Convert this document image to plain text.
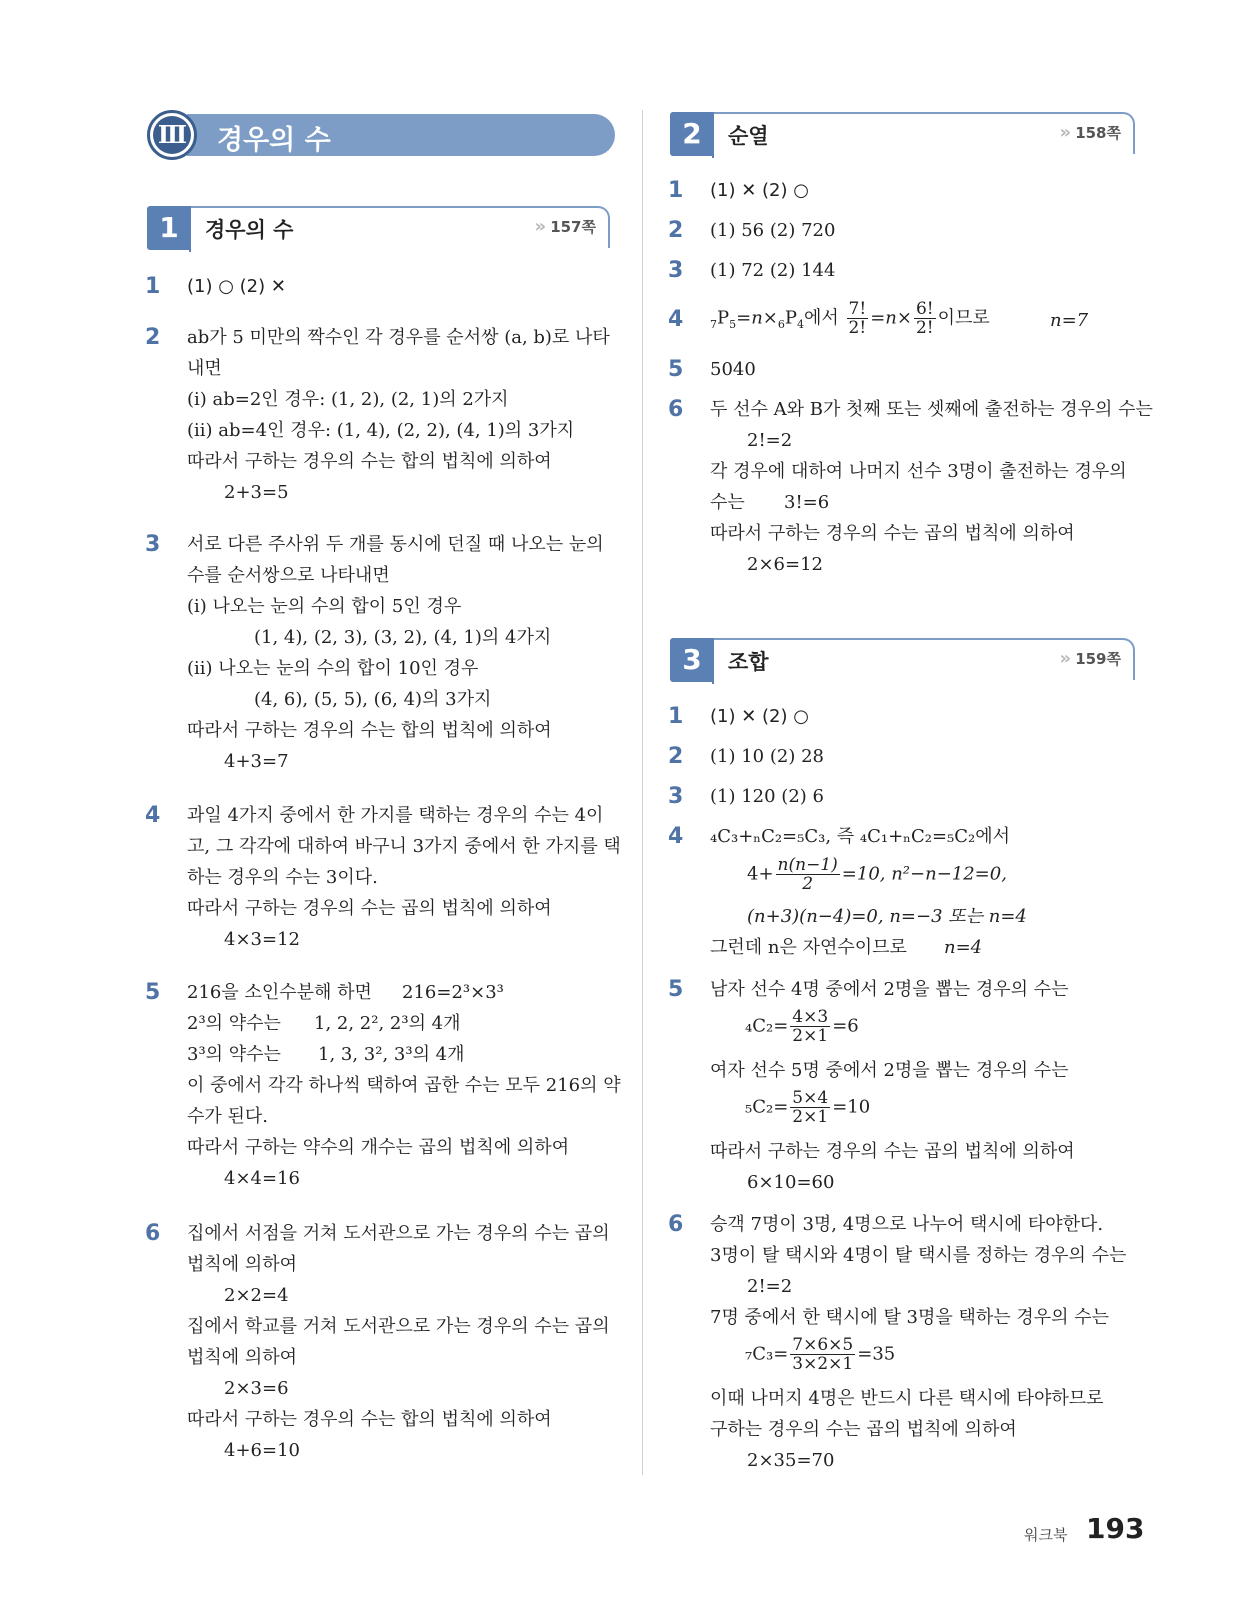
Ⅲ 경우의 수
1	경우의 수	» 157쪽
1 (1) ○ (2) ✕
2 ab가 5 미만의 짝수인 각 경우를 순서쌍 (a, b)로 나타
내면
(i) ab=2인 경우: (1, 2), (2, 1)의 2가지
(ii) ab=4인 경우: (1, 4), (2, 2), (4, 1)의 3가지
따라서 구하는 경우의 수는 합의 법칙에 의하여
2+3=5
3 서로 다른 주사위 두 개를 동시에 던질 때 나오는 눈의
수를 순서쌍으로 나타내면
(i) 나오는 눈의 수의 합이 5인 경우
(1, 4), (2, 3), (3, 2), (4, 1)의 4가지
(ii) 나오는 눈의 수의 합이 10인 경우
(4, 6), (5, 5), (6, 4)의 3가지
따라서 구하는 경우의 수는 합의 법칙에 의하여
4+3=7
4 과일 4가지 중에서 한 가지를 택하는 경우의 수는 4이
고, 그 각각에 대하여 바구니 3가지 중에서 한 가지를 택
하는 경우의 수는 3이다.
따라서 구하는 경우의 수는 곱의 법칙에 의하여
4×3=12
5 216을 소인수분해 하면 216=2³×3³
2³의 약수는 1, 2, 2², 2³의 4개
3³의 약수는 1, 3, 3², 3³의 4개
이 중에서 각각 하나씩 택하여 곱한 수는 모두 216의 약
수가 된다.
따라서 구하는 약수의 개수는 곱의 법칙에 의하여
4×4=16
6 집에서 서점을 거쳐 도서관으로 가는 경우의 수는 곱의
법칙에 의하여
2×2=4
집에서 학교를 거쳐 도서관으로 가는 경우의 수는 곱의
법칙에 의하여
2×3=6
따라서 구하는 경우의 수는 합의 법칙에 의하여
4+6=10
2	순열	» 158쪽
1 (1) ✕ (2) ○
2 (1) 56 (2) 720
3 (1) 72 (2) 144
4 $_7P_5=n\times_6P_4$에서 $\frac{7!}{2!} =n\times \frac{6!}{2!}$ 이므로	n=7
5 5040
6 두 선수 A와 B가 첫째 또는 셋째에 출전하는 경우의 수는
2!=2
각 경우에 대하여 나머지 선수 3명이 출전하는 경우의
수는 3!=6
따라서 구하는 경우의 수는 곱의 법칙에 의하여
2×6=12
3	조합	» 159쪽
1 (1) ✕ (2) ○
2 (1) 10 (2) 28
3 (1) 120 (2) 6
4 ₄C₃+ₙC₂=₅C₃, 즉 ₄C₁+ₙC₂=₅C₂에서
$4+ \frac{n(n-1)}{2} =10$, n²−n−12=0,
(n+3)(n−4)=0, n=−3 또는 n=4
그런데 n은 자연수이므로 n=4
5 남자 선수 4명 중에서 2명을 뽑는 경우의 수는
$_4C_2= \frac{4\times 3}{2\times 1} =6$
여자 선수 5명 중에서 2명을 뽑는 경우의 수는
$_5C_2= \frac{5\times 4}{2\times 1} =10$
따라서 구하는 경우의 수는 곱의 법칙에 의하여
6×10=60
6 승객 7명이 3명, 4명으로 나누어 택시에 타야한다.
3명이 탈 택시와 4명이 탈 택시를 정하는 경우의 수는
2!=2
7명 중에서 한 택시에 탈 3명을 택하는 경우의 수는
$_7C_3= \frac{7\times 6\times 5}{3\times 2\times 1} =35$
이때 나머지 4명은 반드시 다른 택시에 타야하므로
구하는 경우의 수는 곱의 법칙에 의하여
2×35=70
워크북 193
